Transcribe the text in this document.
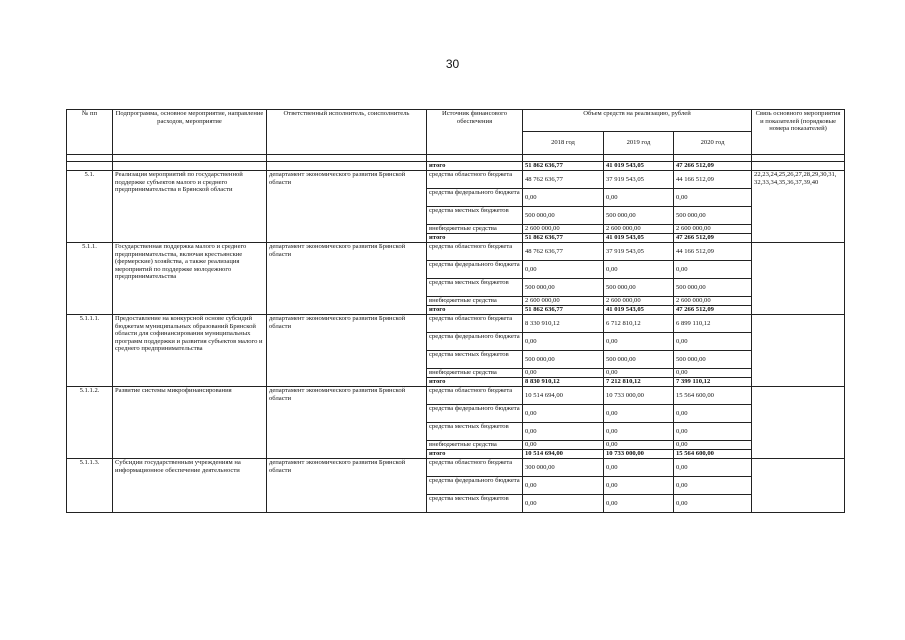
30
№ пп	Подпрограмма, основное мероприятие, направление расходов, мероприятие	Ответственный исполнитель, соисполнитель	Источник финансового обеспечения	Объем средств на реализацию, рублей			Связь основного мероприятия и показателей (порядковые номера показателей)
				2018 год	2019 год	2020 год	

			итого	51 862 636,77	41 019 543,05	47 266 512,09	
5.1.	Реализация мероприятий по государственной поддержке субъектов малого и среднего предпринимательства в Брянской области	департамент экономического развития Брянской области	средства областного бюджета	48 762 636,77	37 919 543,05	44 166 512,09	22,23,24,25,26,27,28,29,30,31, 32,33,34,35,36,37,39,40
			средства федерального бюджета	0,00	0,00	0,00	
			средства местных бюджетов	500 000,00	500 000,00	500 000,00	
			внебюджетные средства	2 600 000,00	2 600 000,00	2 600 000,00	
			итого	51 862 636,77	41 019 543,05	47 266 512,09	
5.1.1.	Государственная поддержка малого и среднего предпринимательства, включая крестьянские (фермерские) хозяйства, а также реализация мероприятий по поддержке молодежного предпринимательства	департамент экономического развития Брянской области	средства областного бюджета	48 762 636,77	37 919 543,05	44 166 512,09	
			средства федерального бюджета	0,00	0,00	0,00	
			средства местных бюджетов	500 000,00	500 000,00	500 000,00	
			внебюджетные средства	2 600 000,00	2 600 000,00	2 600 000,00	
			итого	51 862 636,77	41 019 543,05	47 266 512,09	
5.1.1.1.	Предоставление на конкурсной основе субсидий бюджетам муниципальных образований Брянской области для софинансирования муниципальных программ поддержки и развития субъектов малого и среднего предпринимательства	департамент экономического развития Брянской области	средства областного бюджета	8 330 910,12	6 712 810,12	6 899 110,12	
			средства федерального бюджета	0,00	0,00	0,00	
			средства местных бюджетов	500 000,00	500 000,00	500 000,00	
			внебюджетные средства	0,00	0,00	0,00	
			итого	8 830 910,12	7 212 810,12	7 399 110,12	
5.1.1.2.	Развитие системы микрофинансирования	департамент экономического развития Брянской области	средства областного бюджета	10 514 694,00	10 733 000,00	15 564 600,00	
			средства федерального бюджета	0,00	0,00	0,00	
			средства местных бюджетов	0,00	0,00	0,00	
			внебюджетные средства	0,00	0,00	0,00	
			итого	10 514 694,00	10 733 000,00	15 564 600,00	
5.1.1.3.	Субсидии государственным учреждениям на информационное обеспечение деятельности	департамент экономического развития Брянской области	средства областного бюджета	300 000,00	0,00	0,00	
			средства федерального бюджета	0,00	0,00	0,00	
			средства местных бюджетов	0,00	0,00	0,00	
